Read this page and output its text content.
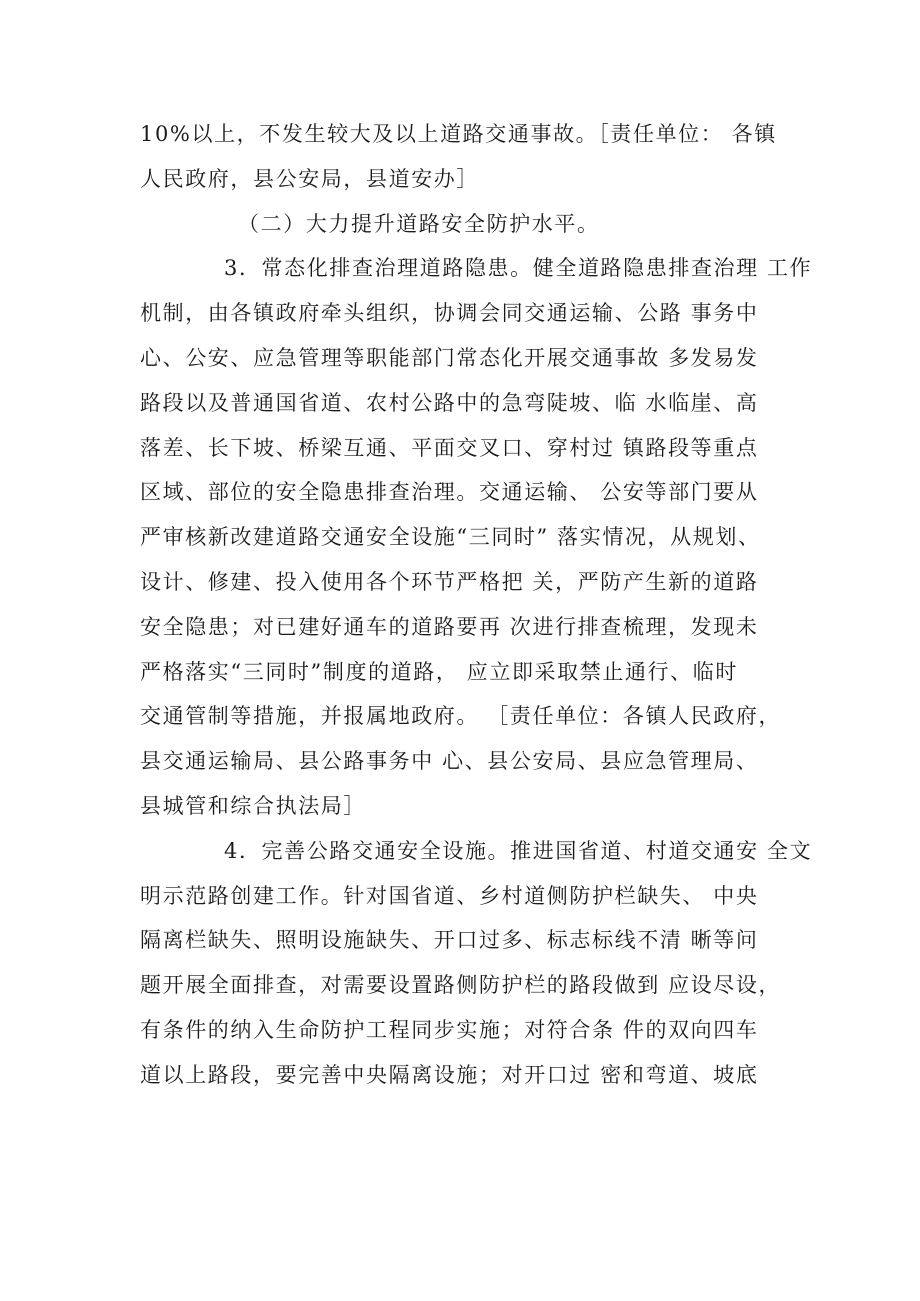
10%以上，不发生较大及以上道路交通事故。［责任单位： 各镇
人民政府，县公安局，县道安办］
（二）大力提升道路安全防护水平。
3．常态化排查治理道路隐患。健全道路隐患排查治理 工作
机制，由各镇政府牵头组织，协调会同交通运输、公路 事务中
心、公安、应急管理等职能部门常态化开展交通事故 多发易发
路段以及普通国省道、农村公路中的急弯陡坡、临 水临崖、高
落差、长下坡、桥梁互通、平面交叉口、穿村过 镇路段等重点
区域、部位的安全隐患排查治理。交通运输、 公安等部门要从
严审核新改建道路交通安全设施“三同时” 落实情况，从规划、
设计、修建、投入使用各个环节严格把 关，严防产生新的道路
安全隐患；对已建好通车的道路要再 次进行排查梳理，发现未
严格落实“三同时”制度的道路， 应立即采取禁止通行、临时
交通管制等措施，并报属地政府。 ［责任单位：各镇人民政府，
县交通运输局、县公路事务中 心、县公安局、县应急管理局、
县城管和综合执法局］
4．完善公路交通安全设施。推进国省道、村道交通安 全文
明示范路创建工作。针对国省道、乡村道侧防护栏缺失、 中央
隔离栏缺失、照明设施缺失、开口过多、标志标线不清 晰等问
题开展全面排查，对需要设置路侧防护栏的路段做到 应设尽设，
有条件的纳入生命防护工程同步实施；对符合条 件的双向四车
道以上路段，要完善中央隔离设施；对开口过 密和弯道、坡底
